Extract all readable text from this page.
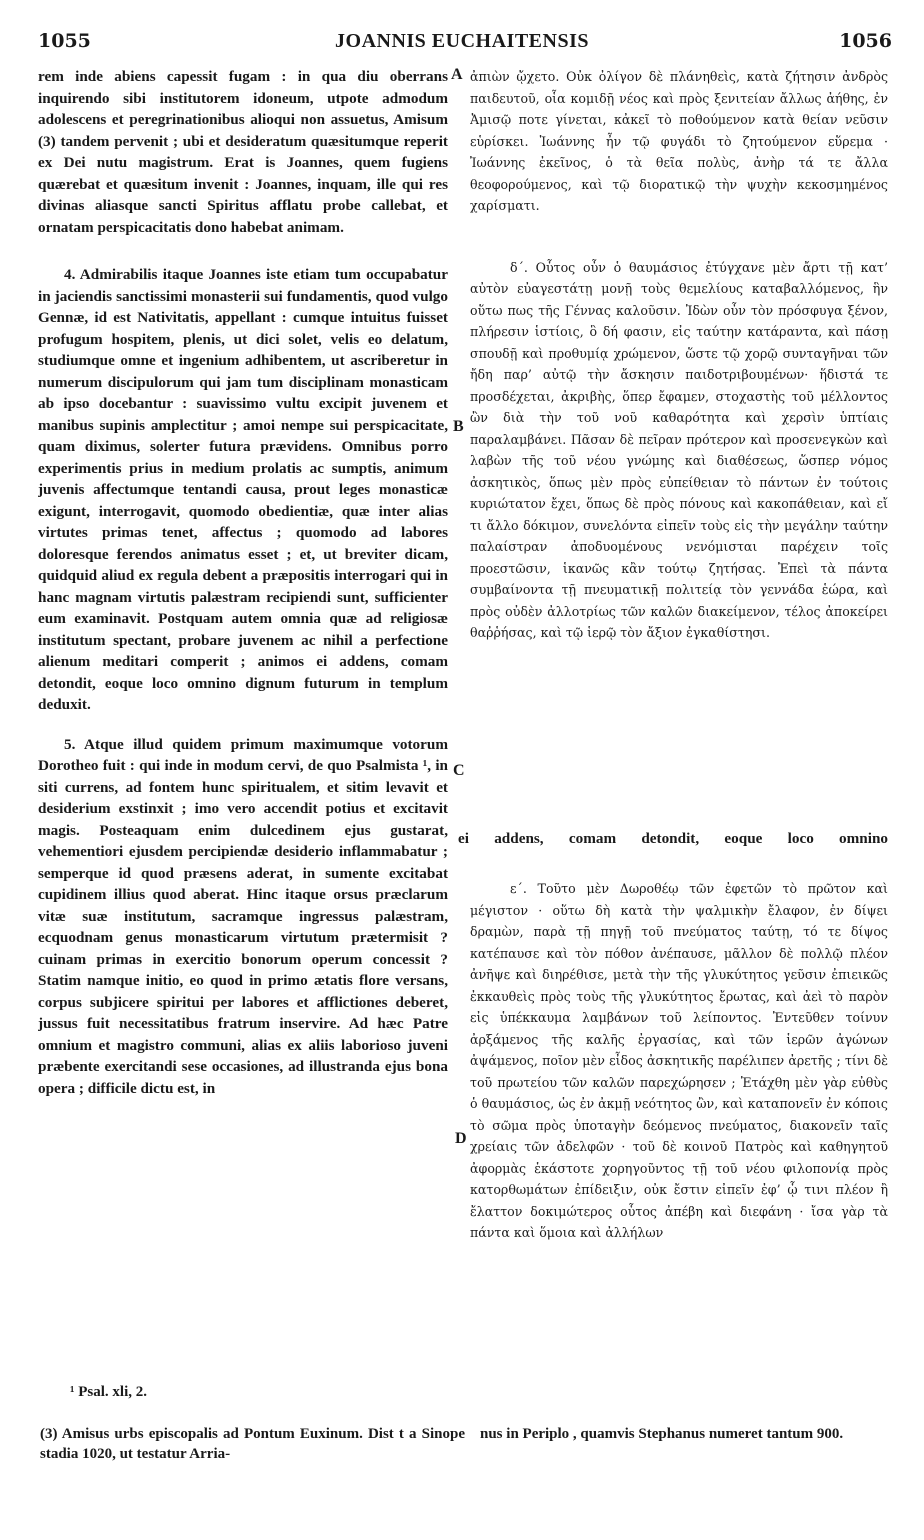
1055	JOANNIS EUCHAITENSIS	1056

rem inde abiens capessit fugam : in qua diu oberrans inquirendo sibi institutorem idoneum, utpote admodum adolescens et peregrinationibus alioqui non assuetus, Amisum (3) tandem pervenit ; ubi et desideratum quæsitumque reperit ex Dei nutu magistrum. Erat is Joannes, quem fugiens quærebat et quæsitum invenit : Joannes, inquam, ille qui res divinas aliasque sancti Spiritus afflatu probe callebat, et ornatam perspicacitatis dono habebat animam.

4. Admirabilis itaque Joannes iste etiam tum occupabatur in jaciendis sanctissimi monasterii sui fundamentis, quod vulgo Gennæ, id est Nativitatis, appellant : cumque intuitus fuisset profugum hospitem, plenis, ut dici solet, velis eo delatum, studiumque omne et ingenium adhibentem, ut ascriberetur in numerum discipulorum qui jam tum disciplinam monasticam ab ipso docebantur : suavissimo vultu excipit juvenem et manibus supinis amplectitur ; amoi nempe sui perspicacitate, quam diximus, solerter futura prævidens. Omnibus porro experimentis prius in medium prolatis ac sumptis, animum juvenis affectumque tentandi causa, prout leges monasticæ exigunt, interrogavit, quomodo obedientiæ, quæ inter alias virtutes primas tenet, affectus ; quomodo ad labores doloresque ferendos animatus esset ; et, ut breviter dicam, quidquid aliud ex regula debent a præpositis interrogari qui in hanc magnam virtutis palæstram recipiendi sunt, sufficienter eum examinavit. Postquam autem omnia quæ ad religiosæ institutum spectant, probare juvenem ac nihil a perfectione alienum meditari comperit ; animos ei addens, comam detondit, eoque loco omnino dignum futurum in templum deduxit.

5. Atque illud quidem primum maximumque votorum Dorotheo fuit : qui inde in modum cervi, de quo Psalmista ¹, in siti currens, ad fontem hunc spiritualem, et sitim levavit et desiderium exstinxit ; imo vero accendit potius et excitavit magis. Posteaquam enim dulcedinem ejus gustarat, vehementiori ejusdem percipiendæ desiderio inflammabatur ; semperque id quod præsens aderat, in sumente excitabat cupidinem illius quod aberat. Hinc itaque orsus præclarum vitæ suæ institutum, sacramque ingressus palæstram, ecquodnam genus monasticarum virtutum prætermisit ? cuinam primas in exercitio bonorum operum concessit ? Statim namque initio, eo quod in primo ætatis flore versans, corpus subjicere spiritui per labores et afflictiones deberet, jussus fuit necessitatibus fratrum inservire. Ad hæc Patre omnium et magistro communi, alias ex aliis laborioso juveni præbente exercitandi sese occasiones, ad illustranda ejus bona opera ; difficile dictu est, in

ἀπιὼν ᾤχετο. Οὐκ ὀλίγον δὲ πλάνηθεὶς, κατὰ ζήτησιν ἀνδρὸς παιδευτοῦ, οἷα κομιδῇ νέος καὶ πρὸς ξενιτείαν ἄλλως ἀήθης, ἐν Ἀμισῷ ποτε γίνεται, κἀκεῖ τὸ ποθούμενον κατὰ θείαν νεῦσιν εὑρίσκει. Ἰωάννης ἦν τῷ φυγάδι τὸ ζητούμενον εὕρεμα · Ἰωάννης ἐκεῖνος, ὁ τὰ θεῖα πολὺς, ἀνὴρ τά τε ἄλλα θεοφορούμενος, καὶ τῷ διορατικῷ τὴν ψυχὴν κεκοσμημένος χαρίσματι.

δ΄. Οὗτος οὖν ὁ θαυμάσιος ἐτύγχανε μὲν ἄρτι τῇ κατ’ αὐτὸν εὐαγεστάτῃ μονῇ τοὺς θεμελίους καταβαλλόμενος, ἣν οὕτω πως τῆς Γέννας καλοῦσιν. Ἰδὼν οὖν τὸν πρόσφυγα ξένον, πλήρεσιν ἱστίοις, ὃ δή φασιν, εἰς ταύτην κατάραντα, καὶ πάσῃ σπουδῇ καὶ προθυμίᾳ χρώμενον, ὥστε τῷ χορῷ συνταγῆναι τῶν ἤδη παρ’ αὐτῷ τὴν ἄσκησιν παιδοτριβουμένων· ἥδιστά τε προσδέχεται, ἀκριβὴς, ὅπερ ἔφαμεν, στοχαστὴς τοῦ μέλλοντος ὢν διὰ τὴν τοῦ νοῦ καθαρότητα καὶ χερσὶν ὑπτίαις παραλαμβάνει. Πᾶσαν δὲ πεῖραν πρότερον καὶ προσενεγκὼν καὶ λαβὼν τῆς τοῦ νέου γνώμης καὶ διαθέσεως, ὥσπερ νόμος ἀσκητικὸς, ὅπως μὲν πρὸς εὐπείθειαν τὸ πάντων ἐν τούτοις κυριώτατον ἔχει, ὅπως δὲ πρὸς πόνους καὶ κακοπάθειαν, καὶ εἴ τι ἄλλο δόκιμον, συνελόντα εἰπεῖν τοὺς εἰς τὴν μεγάλην ταύτην παλαίστραν ἀποδυομένους νενόμισται παρέχειν τοῖς προεστῶσιν, ἱκανῶς κἂν τούτῳ ζητήσας. Ἐπεὶ τὰ πάντα συμβαίνοντα τῇ πνευματικῇ πολιτείᾳ τὸν γεννάδα ἑώρα, καὶ πρὸς οὐδὲν ἀλλοτρίως τῶν καλῶν διακείμενον, τέλος ἀποκείρει θαῤῥήσας, καὶ τῷ ἱερῷ τὸν ἄξιον ἐγκαθίστησι.

ei addens, comam detondit, eoque loco omnino

ε΄. Τοῦτο μὲν Δωροθέῳ τῶν ἐφετῶν τὸ πρῶτον καὶ μέγιστον · οὕτω δὴ κατὰ τὴν ψαλμικὴν ἔλαφον, ἐν δίψει δραμὼν, παρὰ τῇ πηγῇ τοῦ πνεύματος ταύτῃ, τό τε δίψος κατέπαυσε καὶ τὸν πόθον ἀνέπαυσε, μᾶλλον δὲ πολλῷ πλέον ἀνῆψε καὶ διηρέθισε, μετὰ τὴν τῆς γλυκύτητος γεῦσιν ἐπιεικῶς ἐκκαυθεὶς πρὸς τοὺς τῆς γλυκύτητος ἔρωτας, καὶ ἀεὶ τὸ παρὸν εἰς ὑπέκκαυμα λαμβάνων τοῦ λείποντος. Ἐντεῦθεν τοίνυν ἀρξάμενος τῆς καλῆς ἐργασίας, καὶ τῶν ἱερῶν ἀγώνων ἀψάμενος, ποῖον μὲν εἶδος ἀσκητικῆς παρέλιπεν ἀρετῆς ; τίνι δὲ τοῦ πρωτείου τῶν καλῶν παρεχώρησεν ; Ἐτάχθη μὲν γὰρ εὐθὺς ὁ θαυμάσιος, ὡς ἐν ἀκμῇ νεότητος ὢν, καὶ καταπονεῖν ἐν κόποις τὸ σῶμα πρὸς ὑποταγὴν δεόμενος πνεύματος, διακονεῖν ταῖς χρείαις τῶν ἀδελφῶν · τοῦ δὲ κοινοῦ Πατρὸς καὶ καθηγητοῦ ἀφορμὰς ἑκάστοτε χορηγοῦντος τῇ τοῦ νέου φιλοπονίᾳ πρὸς κατορθωμάτων ἐπίδειξιν, οὐκ ἔστιν εἰπεῖν ἐφ’ ᾧ τινι πλέον ἢ ἔλαττον δοκιμώτερος οὗτος ἀπέβη καὶ διεφάνη · ἴσα γὰρ τὰ πάντα καὶ ὅμοια καὶ ἀλλήλων

A
B
C
D
¹ Psal. xli, 2.
(3) Amisus urbs episcopalis ad Pontum Euxinum. Dist t a Sinope stadia 1020, ut testatur Arria-
nus in Periplo , quamvis Stephanus numeret tantum 900.
